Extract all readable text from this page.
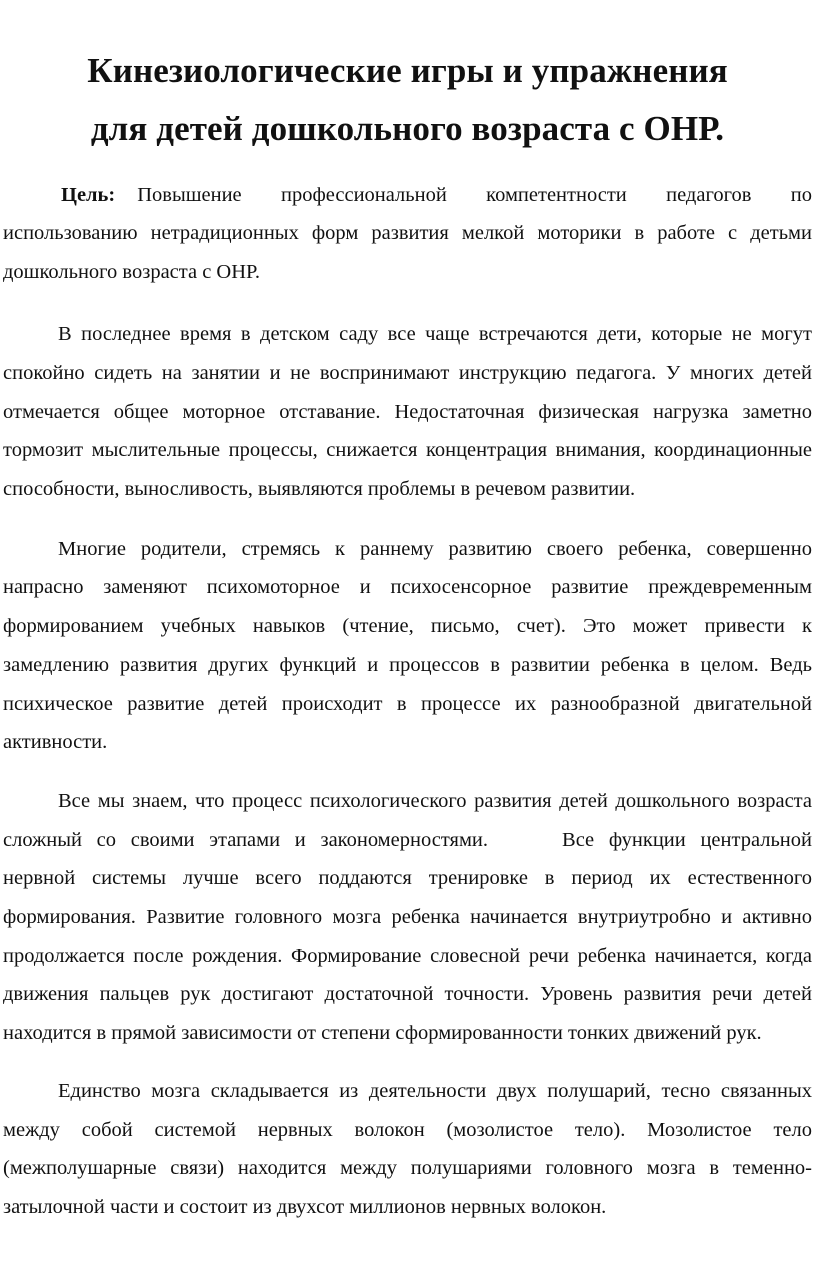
Кинезиологические игры и упражнения
для детей дошкольного возраста с ОНР.

Цель: Повышение профессиональной компетентности педагогов по использованию нетрадиционных форм развития мелкой моторики в работе с детьми дошкольного возраста с ОНР.

В последнее время в детском саду все чаще встречаются дети, которые не могут спокойно сидеть на занятии и не воспринимают инструкцию педагога. У многих детей отмечается общее моторное отставание. Недостаточная физическая нагрузка заметно тормозит мыслительные процессы, снижается концентрация внимания, координационные способности, выносливость, выявляются проблемы в речевом развитии.

Многие родители, стремясь к раннему развитию своего ребенка, совершенно напрасно заменяют психомоторное и психосенсорное развитие преждевременным формированием учебных навыков (чтение, письмо, счет). Это может привести к замедлению развития других функций и процессов в развитии ребенка в целом. Ведь психическое развитие детей происходит в процессе их разнообразной двигательной активности.

Все мы знаем, что процесс психологического развития детей дошкольного возраста сложный со своими этапами и закономерностями.	Все функции центральной нервной системы лучше всего поддаются тренировке в период их естественного формирования. Развитие головного мозга ребенка начинается внутриутробно и активно продолжается после рождения. Формирование словесной речи ребенка начинается, когда движения пальцев рук достигают достаточной точности. Уровень развития речи детей находится в прямой зависимости от степени сформированности тонких движений рук.

Единство мозга складывается из деятельности двух полушарий, тесно связанных между собой системой нервных волокон (мозолистое тело). Мозолистое тело (межполушарные связи) находится между полушариями головного мозга в теменно-затылочной части и состоит из двухсот миллионов нервных волокон.
